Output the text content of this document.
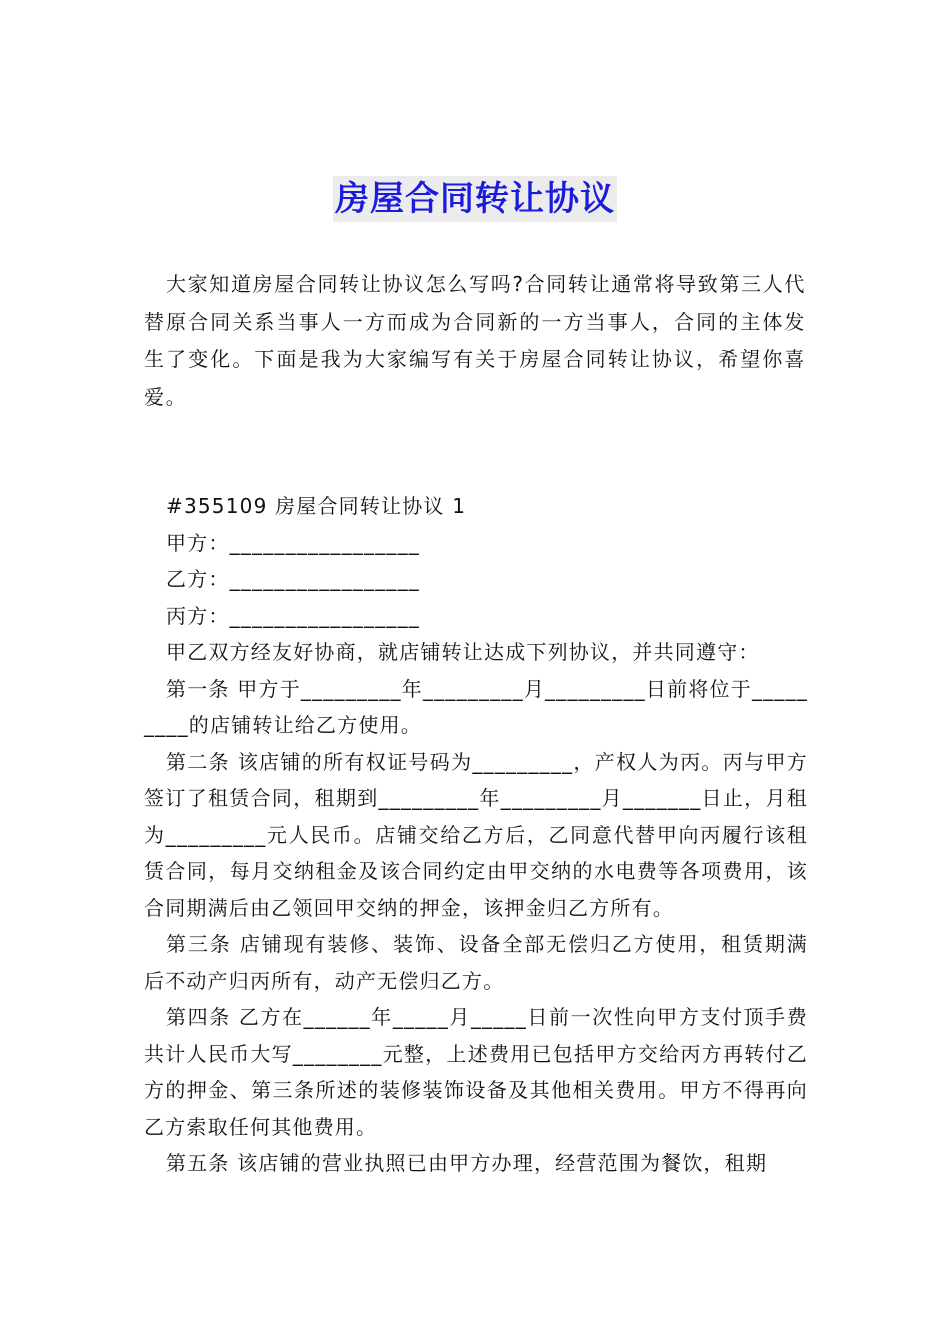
房屋合同转让协议

大家知道房屋合同转让协议怎么写吗?合同转让通常将导致第三人代替原合同关系当事人一方而成为合同新的一方当事人，合同的主体发生了变化。下面是我为大家编写有关于房屋合同转让协议，希望你喜爱。

#355109 房屋合同转让协议 1

甲方：_________________

乙方：_________________

丙方：_________________

甲乙双方经友好协商，就店铺转让达成下列协议，并共同遵守：

第一条 甲方于_________年_________月_________日前将位于_________的店铺转让给乙方使用。

第二条 该店铺的所有权证号码为_________，产权人为丙。丙与甲方签订了租赁合同，租期到_________年_________月_______日止，月租为_________元人民币。店铺交给乙方后，乙同意代替甲向丙履行该租赁合同，每月交纳租金及该合同约定由甲交纳的水电费等各项费用，该合同期满后由乙领回甲交纳的押金，该押金归乙方所有。

第三条 店铺现有装修、装饰、设备全部无偿归乙方使用，租赁期满后不动产归丙所有，动产无偿归乙方。

第四条 乙方在______年_____月_____日前一次性向甲方支付顶手费共计人民币大写________元整，上述费用已包括甲方交给丙方再转付乙方的押金、第三条所述的装修装饰设备及其他相关费用。甲方不得再向乙方索取任何其他费用。

第五条 该店铺的营业执照已由甲方办理，经营范围为餐饮，租期
